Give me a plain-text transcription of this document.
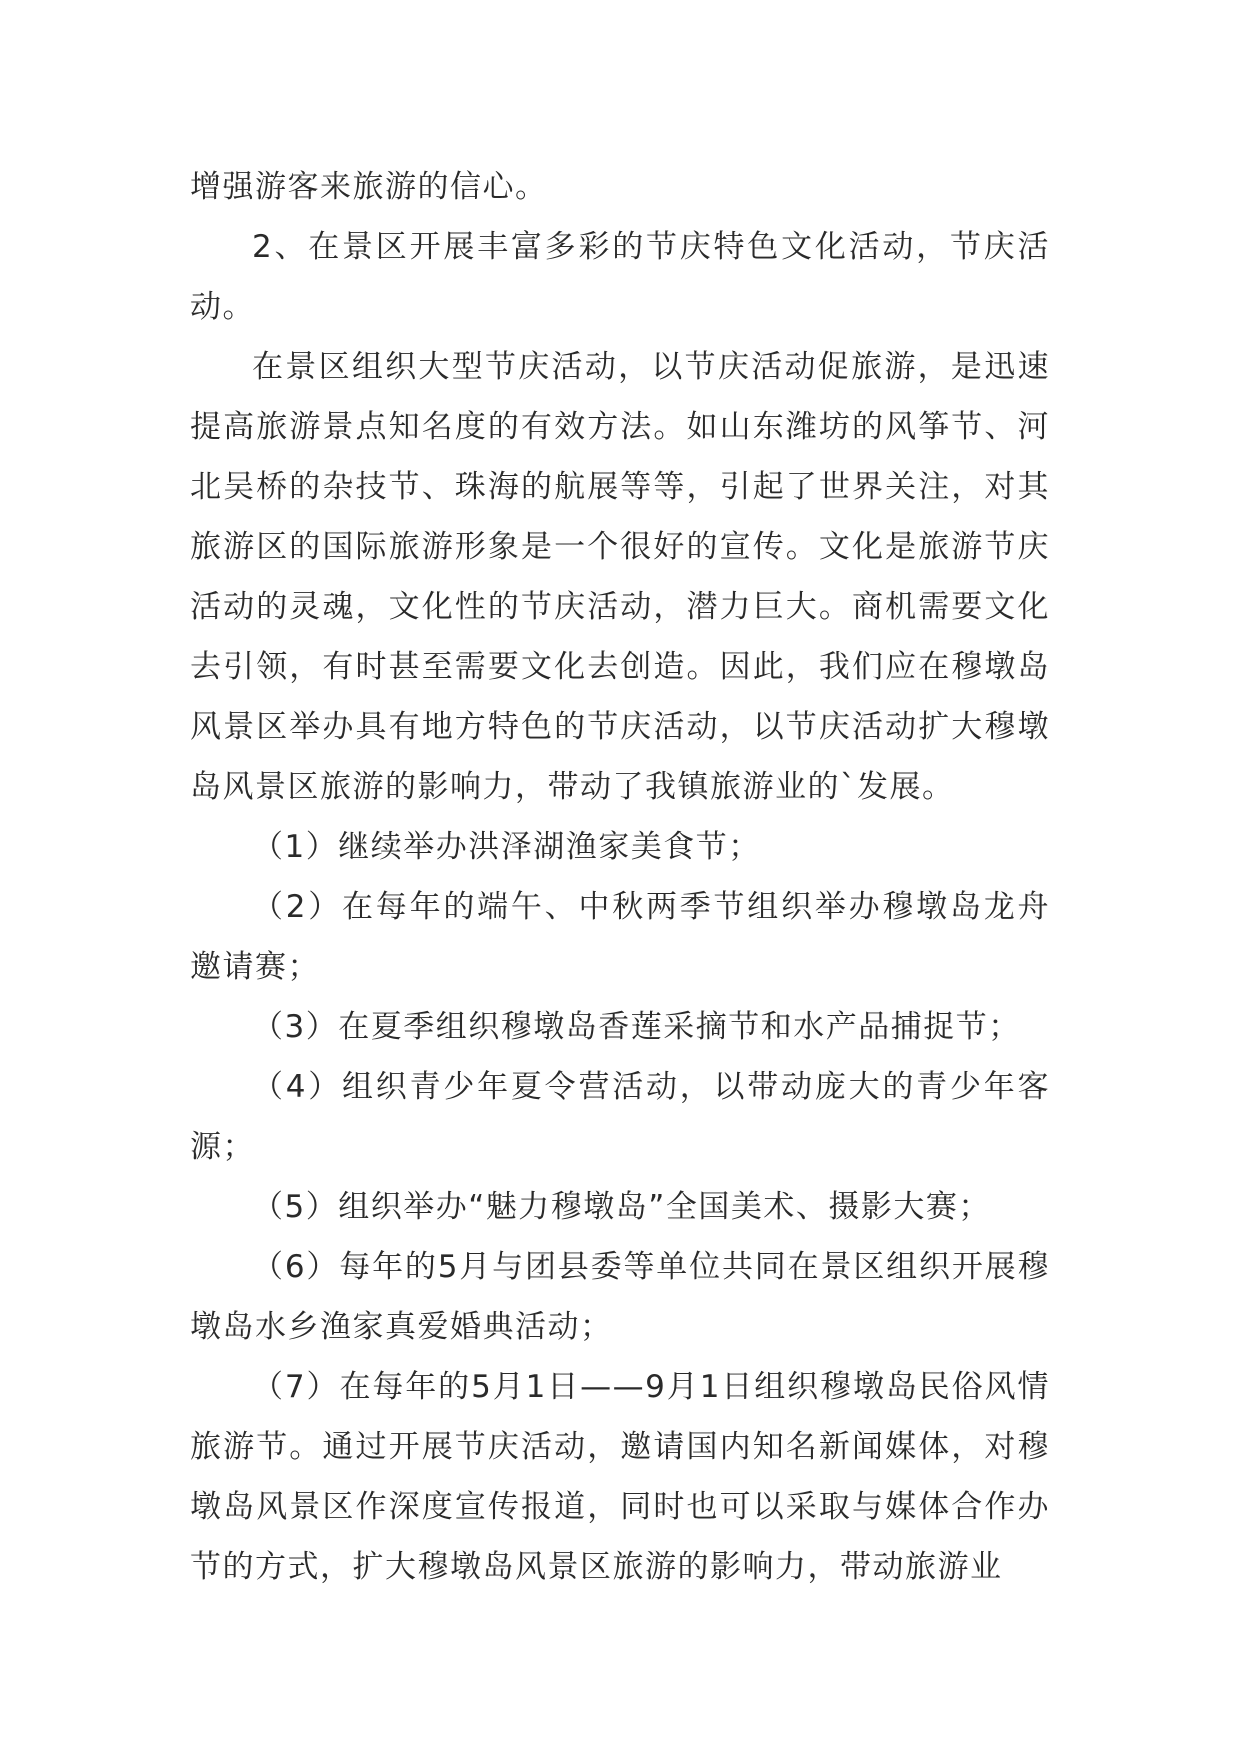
增强游客来旅游的信心。

2、在景区开展丰富多彩的节庆特色文化活动，节庆活动。

在景区组织大型节庆活动，以节庆活动促旅游，是迅速提高旅游景点知名度的有效方法。如山东潍坊的风筝节、河北吴桥的杂技节、珠海的航展等等，引起了世界关注，对其旅游区的国际旅游形象是一个很好的宣传。文化是旅游节庆活动的灵魂，文化性的节庆活动，潜力巨大。商机需要文化去引领，有时甚至需要文化去创造。因此，我们应在穆墩岛风景区举办具有地方特色的节庆活动，以节庆活动扩大穆墩岛风景区旅游的影响力，带动了我镇旅游业的`发展。

（1）继续举办洪泽湖渔家美食节；

（2）在每年的端午、中秋两季节组织举办穆墩岛龙舟邀请赛；

（3）在夏季组织穆墩岛香莲采摘节和水产品捕捉节；

（4）组织青少年夏令营活动，以带动庞大的青少年客源；

（5）组织举办“魅力穆墩岛”全国美术、摄影大赛；

（6）每年的5月与团县委等单位共同在景区组织开展穆墩岛水乡渔家真爱婚典活动；

（7）在每年的5月1日——9月1日组织穆墩岛民俗风情旅游节。通过开展节庆活动，邀请国内知名新闻媒体，对穆墩岛风景区作深度宣传报道，同时也可以采取与媒体合作办节的方式，扩大穆墩岛风景区旅游的影响力，带动旅游业
